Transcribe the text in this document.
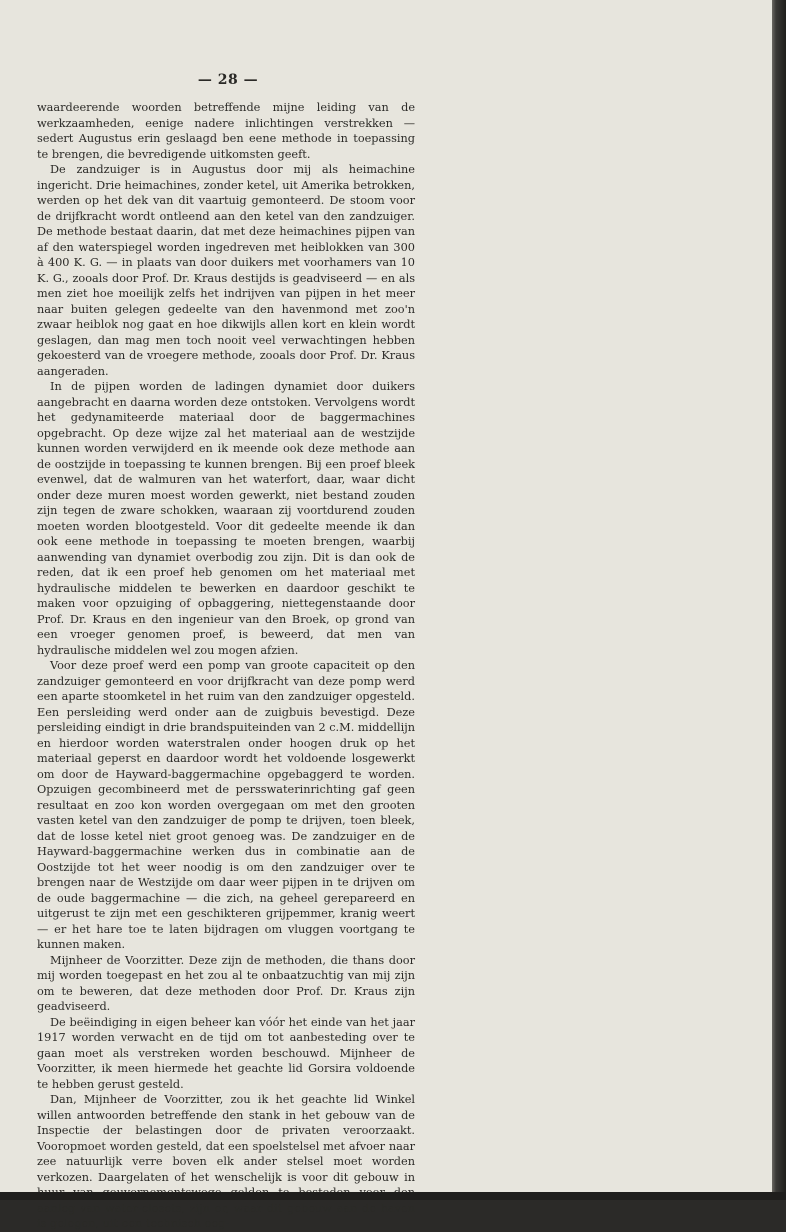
— 28 —

waardeerende woorden betreffende mijne leiding van de werkzaamheden, eenige nadere inlichtingen verstrekken — sedert Augustus erin geslaagd ben eene methode in toepassing te brengen, die bevredigende uitkomsten geeft.

De zandzuiger is in Augustus door mij als heimachine ingericht. Drie heimachines, zonder ketel, uit Amerika betrokken, werden op het dek van dit vaartuig gemonteerd. De stoom voor de drijfkracht wordt ontleend aan den ketel van den zandzuiger. De methode bestaat daarin, dat met deze heimachines pijpen van af den waterspiegel worden ingedreven met heiblokken van 300 à 400 K. G. — in plaats van door duikers met voorhamers van 10 K. G., zooals door Prof. Dr. Kraus destijds is geadviseerd — en als men ziet hoe moeilijk zelfs het indrijven van pijpen in het meer naar buiten gelegen gedeelte van den havenmond met zoo'n zwaar heiblok nog gaat en hoe dikwijls allen kort en klein wordt geslagen, dan mag men toch nooit veel verwachtingen hebben gekoesterd van de vroegere methode, zooals door Prof. Dr. Kraus aangeraden.

In de pijpen worden de ladingen dynamiet door duikers aangebracht en daarna worden deze ontstoken. Vervolgens wordt het gedynamiteerde materiaal door de baggermachines opgebracht. Op deze wijze zal het materiaal aan de westzijde kunnen worden verwijderd en ik meende ook deze methode aan de oostzijde in toepassing te kunnen brengen. Bij een proef bleek evenwel, dat de walmuren van het waterfort, daar, waar dicht onder deze muren moest worden gewerkt, niet bestand zouden zijn tegen de zware schokken, waaraan zij voortdurend zouden moeten worden blootgesteld. Voor dit gedeelte meende ik dan ook eene methode in toepassing te moeten brengen, waarbij aanwending van dynamiet overbodig zou zijn. Dit is dan ook de reden, dat ik een proef heb genomen om het materiaal met hydraulische middelen te bewerken en daardoor geschikt te maken voor opzuiging of opbaggering, niettegenstaande door Prof. Dr. Kraus en den ingenieur van den Broek, op grond van een vroeger genomen proef, is beweerd, dat men van hydraulische middelen wel zou mogen afzien.

Voor deze proef werd een pomp van groote capaciteit op den zandzuiger gemonteerd en voor drijfkracht van deze pomp werd een aparte stoomketel in het ruim van den zandzuiger opgesteld. Een persleiding werd onder aan de zuigbuis bevestigd. Deze persleiding eindigt in drie brandspuiteinden van 2 c.M. middellijn en hierdoor worden waterstralen onder hoogen druk op het materiaal geperst en daardoor wordt het voldoende losgewerkt om door de Hayward-baggermachine opgebaggerd te worden. Opzuigen gecombineerd met de persswaterinrichting gaf geen resultaat en zoo kon worden overgegaan om met den grooten vasten ketel van den zandzuiger de pomp te drijven, toen bleek, dat de losse ketel niet groot genoeg was. De zandzuiger en de Hayward-baggermachine werken dus in combinatie aan de Oostzijde tot het weer noodig is om den zandzuiger over te brengen naar de Westzijde om daar weer pijpen in te drijven om de oude baggermachine — die zich, na geheel gerepareerd en uitgerust te zijn met een geschikteren grijpemmer, kranig weert — er het hare toe te laten bijdragen om vluggen voortgang te kunnen maken.

Mijnheer de Voorzitter. Deze zijn de methoden, die thans door mij worden toegepast en het zou al te onbaatzuchtig van mij zijn om te beweren, dat deze methoden door Prof. Dr. Kraus zijn geadviseerd.

De beëindiging in eigen beheer kan vóór het einde van het jaar 1917 worden verwacht en de tijd om tot aanbesteding over te gaan moet als verstreken worden beschouwd. Mijnheer de Voorzitter, ik meen hiermede het geachte lid Gorsira voldoende te hebben gerust gesteld.

Dan, Mijnheer de Voorzitter, zou ik het geachte lid Winkel willen antwoorden betreffende den stank in het gebouw van de Inspectie der belastingen door de privaten veroorzaakt. Vooropmoet worden gesteld, dat een spoelstelsel met afvoer naar zee natuurlijk verre boven elk ander stelsel moet worden verkozen. Daargelaten of het wenschelijk is voor dit gebouw in aanleg van water-closets, zijn er, waar dit gebouw aan de haven is gelegen, uit een technisch oog-
